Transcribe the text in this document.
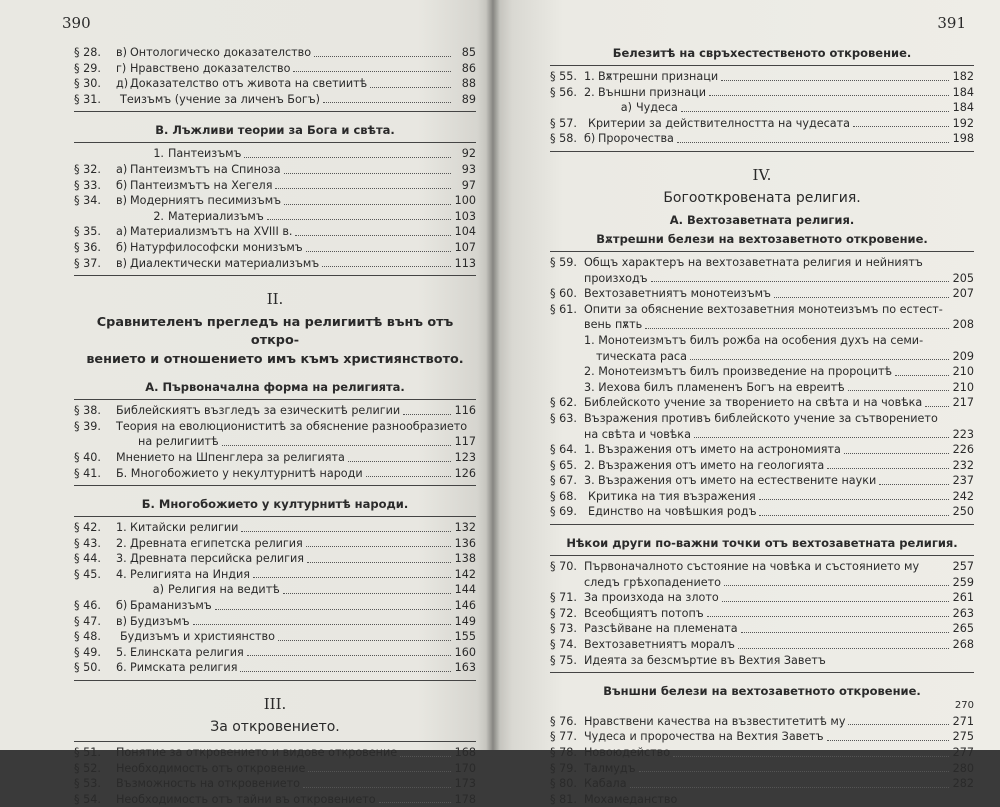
390
§ 28.	в) Онтологическо доказателство	85
§ 29.	г) Нравствено доказателство	86
§ 30.	д) Доказателство отъ живота на светиитѣ	88
§ 31.	Теизъмъ (учение за личенъ Богъ)	89
В. Лъжливи теории за Бога и свѣта.
1. Пантеизъмъ	92
§ 32.	а) Пантеизмътъ на Спиноза	93
§ 33.	б) Пантеизмътъ на Хегеля	97
§ 34.	в) Модерниятъ песимизъмъ	100
2. Материализъмъ	103
§ 35.	а) Материализмътъ на XVIII в.	104
§ 36.	б) Натурфилософски монизъмъ	107
§ 37.	в) Диалектически материализъмъ	113
II.
Сравнителенъ прегледъ на религиитѣ вънъ отъ откро-
вението и отношението имъ къмъ християнството.
А. Първоначална форма на религията.
§ 38.	Библейскиятъ възгледъ за езическитѣ религии	116
§ 39.	Теория на еволюциониститѣ за обяснение разнообразието
на религиитѣ	117
§ 40.	Мнението на Шпенглера за религията	123
§ 41.	Б. Многобожието у некултурнитѣ народи	126
Б. Многобожието у културнитѣ народи.
§ 42.	1. Китайски религии	132
§ 43.	2. Древната египетска религия	136
§ 44.	3. Древната персийска религия	138
§ 45.	4. Религията на Индия	142
а) Религия на ведитѣ	144
§ 46.	б) Браманизъмъ	146
§ 47.	в) Будизъмъ	149
§ 48.	Будизъмъ и християнство	155
§ 49.	5. Елинската религия	160
§ 50.	6. Римската религия	163
III.
За откровението.
§ 51.	Понятие за откровението и видове откровение	168
§ 52.	Необходимость отъ откровение	170
§ 53.	Възможность на откровението	173
§ 54.	Необходимость отъ тайни въ откровението	178
391
Белезитѣ на свръхестественото откровение.
§ 55. 1. Вѫтрешни признаци	182
§ 56. 2. Външни признаци	184
а) Чудеса	184
§ 57. Критерии за действителността на чудесата	192
§ 58. б) Пророчества	198
IV.
Богооткровената религия.
А. Вехтозаветната религия.
Вѫтрешни белези на вехтозаветното откровение.
§ 59. Общъ характеръ на вехтозаветната религия и нейниятъ
произходъ	205
§ 60. Вехтозаветниятъ монотеизъмъ	207
§ 61. Опити за обяснение вехтозаветния монотеизъмъ по естест-
вень пѫть	208
1. Монотеизмътъ билъ рожба на особения духъ на семи-
тическата раса	209
2. Монотеизмътъ билъ произведение на пророцитѣ	210
3. Иехова билъ пламененъ Богъ на евреитѣ	210
§ 62. Библейското учение за творението на свѣта и на човѣка	217
§ 63. Възражения противъ библейското учение за сътворението
на свѣта и човѣка	223
§ 64. 1. Възражения отъ името на астрономията	226
§ 65. 2. Възражения отъ името на геологията	232
§ 67. 3. Възражения отъ името на естествените науки	237
§ 68. Критика на тия възражения	242
§ 69. Единство на човѣшкия родъ	250
Нѣкои други по-важни точки отъ вехтозаветната религия.
§ 70. Първоначалното състояние на човѣка и състоянието му	257
следъ грѣхопадението	259
§ 71. За произхода на злото	261
§ 72. Всеобщиятъ потопъ	263
§ 73. Разсѣйване на племената	265
§ 74. Вехтозаветниятъ моралъ	268
§ 75. Идеята за безсмъртие въ Вехтия Заветъ
Външни белези на вехтозаветното откровение.
270
§ 76. Нравствени качества на възвеститетитѣ му	271
§ 77. Чудеса и пророчества на Вехтия Заветъ	275
§ 78. Новоюдейство	277
§ 79. Талмудъ	280
§ 80. Кабала	282
§ 81. Мохамеданство
